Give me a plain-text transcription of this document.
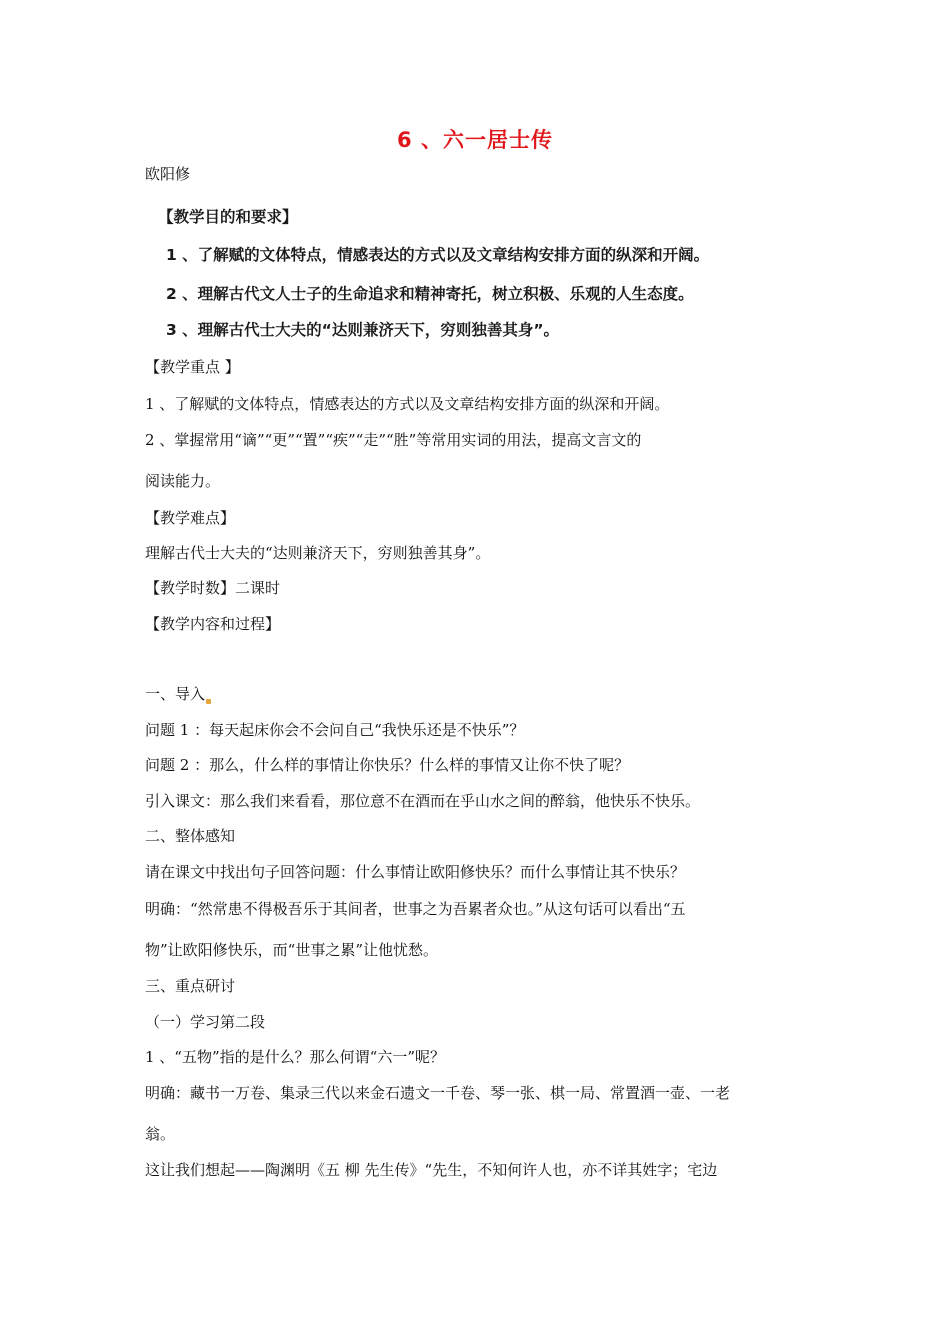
6 、六一居士传
欧阳修
【教学目的和要求】
1 、了解赋的文体特点，情感表达的方式以及文章结构安排方面的纵深和开阔。
2 、理解古代文人士子的生命追求和精神寄托，树立积极、乐观的人生态度。
3 、理解古代士大夫的“达则兼济天下，穷则独善其身”。
【教学重点 】
1 、了解赋的文体特点，情感表达的方式以及文章结构安排方面的纵深和开阔。
2 、掌握常用“谪”“更”“置”“疾”“走”“胜”等常用实词的用法，提高文言文的
阅读能力。
【教学难点】
理解古代士大夫的“达则兼济天下，穷则独善其身”。
【教学时数】二课时
【教学内容和过程】
一、导入
问题 1 ：每天起床你会不会问自己“我快乐还是不快乐”？
问题 2 ：那么，什么样的事情让你快乐？什么样的事情又让你不快了呢？
引入课文：那么我们来看看，那位意不在酒而在乎山水之间的醉翁，他快乐不快乐。
二、整体感知
请在课文中找出句子回答问题：什么事情让欧阳修快乐？而什么事情让其不快乐？
明确：“然常患不得极吾乐于其间者，世事之为吾累者众也。”从这句话可以看出“五
物”让欧阳修快乐，而“世事之累”让他忧愁。
三、重点研讨
（一）学习第二段
1 、“五物”指的是什么？那么何谓“六一”呢？
明确：藏书一万卷、集录三代以来金石遗文一千卷、琴一张、棋一局、常置酒一壶、一老
翁。
这让我们想起——陶渊明《五 柳 先生传》“先生，不知何许人也，亦不详其姓字；宅边
